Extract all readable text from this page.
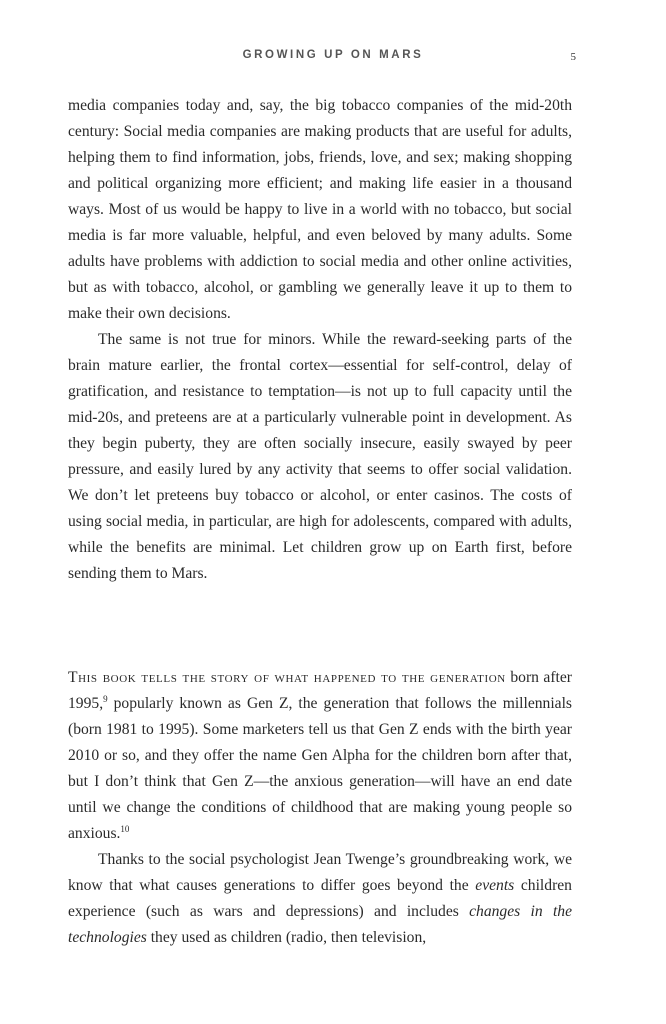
GROWING UP ON MARS	5

media companies today and, say, the big tobacco companies of the mid-20th century: Social media companies are making products that are useful for adults, helping them to find information, jobs, friends, love, and sex; making shopping and political organizing more efficient; and making life easier in a thousand ways. Most of us would be happy to live in a world with no tobacco, but social media is far more valuable, helpful, and even beloved by many adults. Some adults have problems with addiction to social media and other online activities, but as with tobacco, alcohol, or gambling we generally leave it up to them to make their own decisions.

The same is not true for minors. While the reward-seeking parts of the brain mature earlier, the frontal cortex—essential for self-control, delay of gratification, and resistance to temptation—is not up to full capacity until the mid-20s, and preteens are at a particularly vulnerable point in development. As they begin puberty, they are often socially insecure, easily swayed by peer pressure, and easily lured by any activity that seems to offer social validation. We don’t let preteens buy tobacco or alcohol, or enter casinos. The costs of using social media, in particular, are high for adolescents, compared with adults, while the benefits are minimal. Let children grow up on Earth first, before sending them to Mars.

This book tells the story of what happened to the generation born after 1995,$^9$ popularly known as Gen Z, the generation that follows the millennials (born 1981 to 1995). Some marketers tell us that Gen Z ends with the birth year 2010 or so, and they offer the name Gen Alpha for the children born after that, but I don’t think that Gen Z—the anxious generation—will have an end date until we change the conditions of childhood that are making young people so anxious.$^{10}$

Thanks to the social psychologist Jean Twenge’s groundbreaking work, we know that what causes generations to differ goes beyond the events children experience (such as wars and depressions) and includes changes in the technologies they used as children (radio, then television,
